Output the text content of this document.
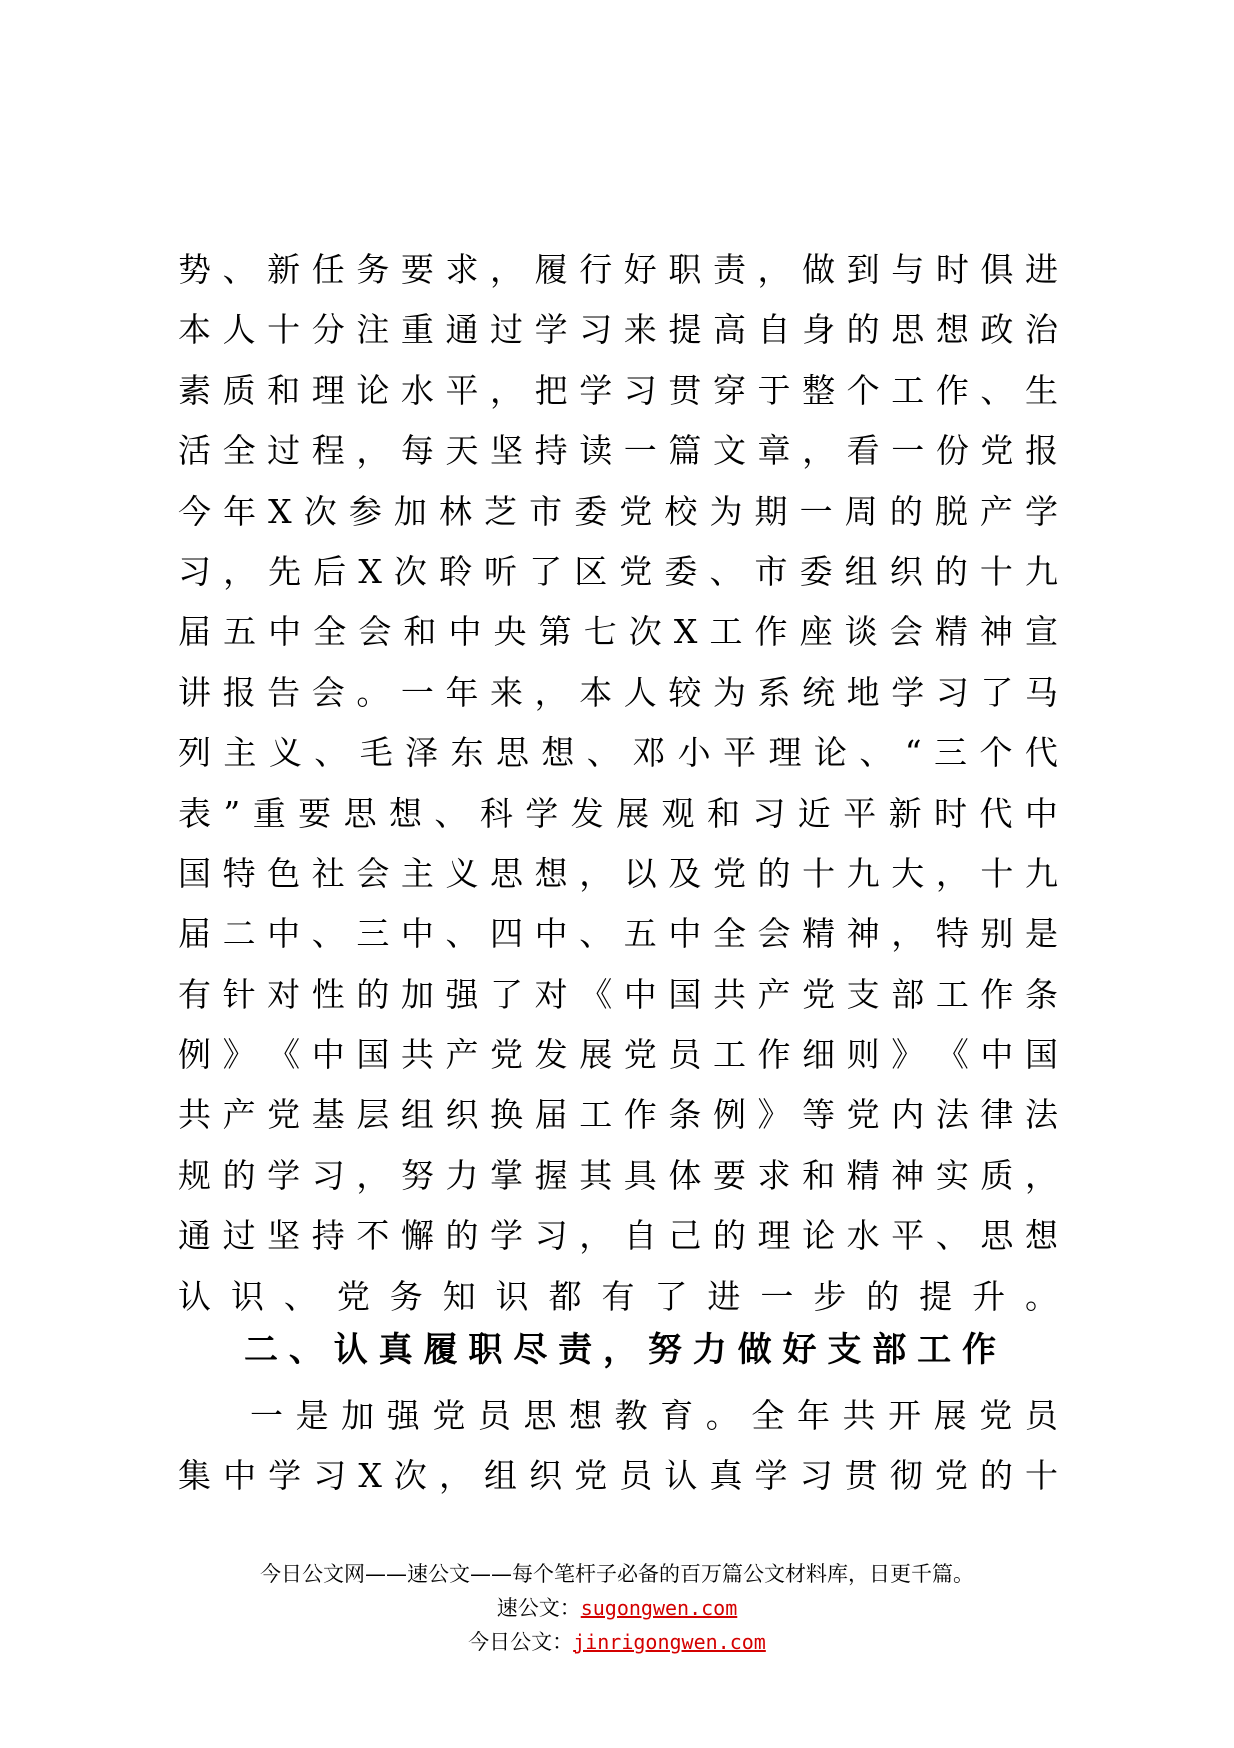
势 、 新 任 务 要 求 ， 履 行 好 职 责 ， 做 到 与 时 俱 进
本 人 十 分 注 重 通 过 学 习 来 提 高 自 身 的 思 想 政 治
素 质 和 理 论 水 平 ， 把 学 习 贯 穿 于 整 个 工 作 、 生
活 全 过 程 ， 每 天 坚 持 读 一 篇 文 章 ， 看 一 份 党 报
今 年 X 次 参 加 林 芝 市 委 党 校 为 期 一 周 的 脱 产 学
习 ， 先 后 X 次 聆 听 了 区 党 委 、 市 委 组 织 的 十 九
届 五 中 全 会 和 中 央 第 七 次 X 工 作 座 谈 会 精 神 宣
讲 报 告 会 。 一 年 来 ， 本 人 较 为 系 统 地 学 习 了 马
列 主 义 、 毛 泽 东 思 想 、 邓 小 平 理 论 、 “ 三 个 代
表 ” 重 要 思 想 、 科 学 发 展 观 和 习 近 平 新 时 代 中
国 特 色 社 会 主 义 思 想 ， 以 及 党 的 十 九 大 ， 十 九
届 二 中 、 三 中 、 四 中 、 五 中 全 会 精 神 ， 特 别 是
有 针 对 性 的 加 强 了 对 《 中 国 共 产 党 支 部 工 作 条
例 》 《 中 国 共 产 党 发 展 党 员 工 作 细 则 》 《 中 国
共 产 党 基 层 组 织 换 届 工 作 条 例 》 等 党 内 法 律 法
规 的 学 习 ， 努 力 掌 握 其 具 体 要 求 和 精 神 实 质 ，
通 过 坚 持 不 懈 的 学 习 ， 自 己 的 理 论 水 平 、 思 想
认 识 、 党 务 知 识 都 有 了 进 一 步 的 提 升 。
二 、 认 真 履 职 尽 责 ， 努 力 做 好 支 部 工 作
一 是 加 强 党 员 思 想 教 育 。 全 年 共 开 展 党 员
集 中 学 习 X 次 ， 组 织 党 员 认 真 学 习 贯 彻 党 的 十
今日公文网——速公文——每个笔杆子必备的百万篇公文材料库，日更千篇。
速公文：sugongwen.com
今日公文：jinrigongwen.com
